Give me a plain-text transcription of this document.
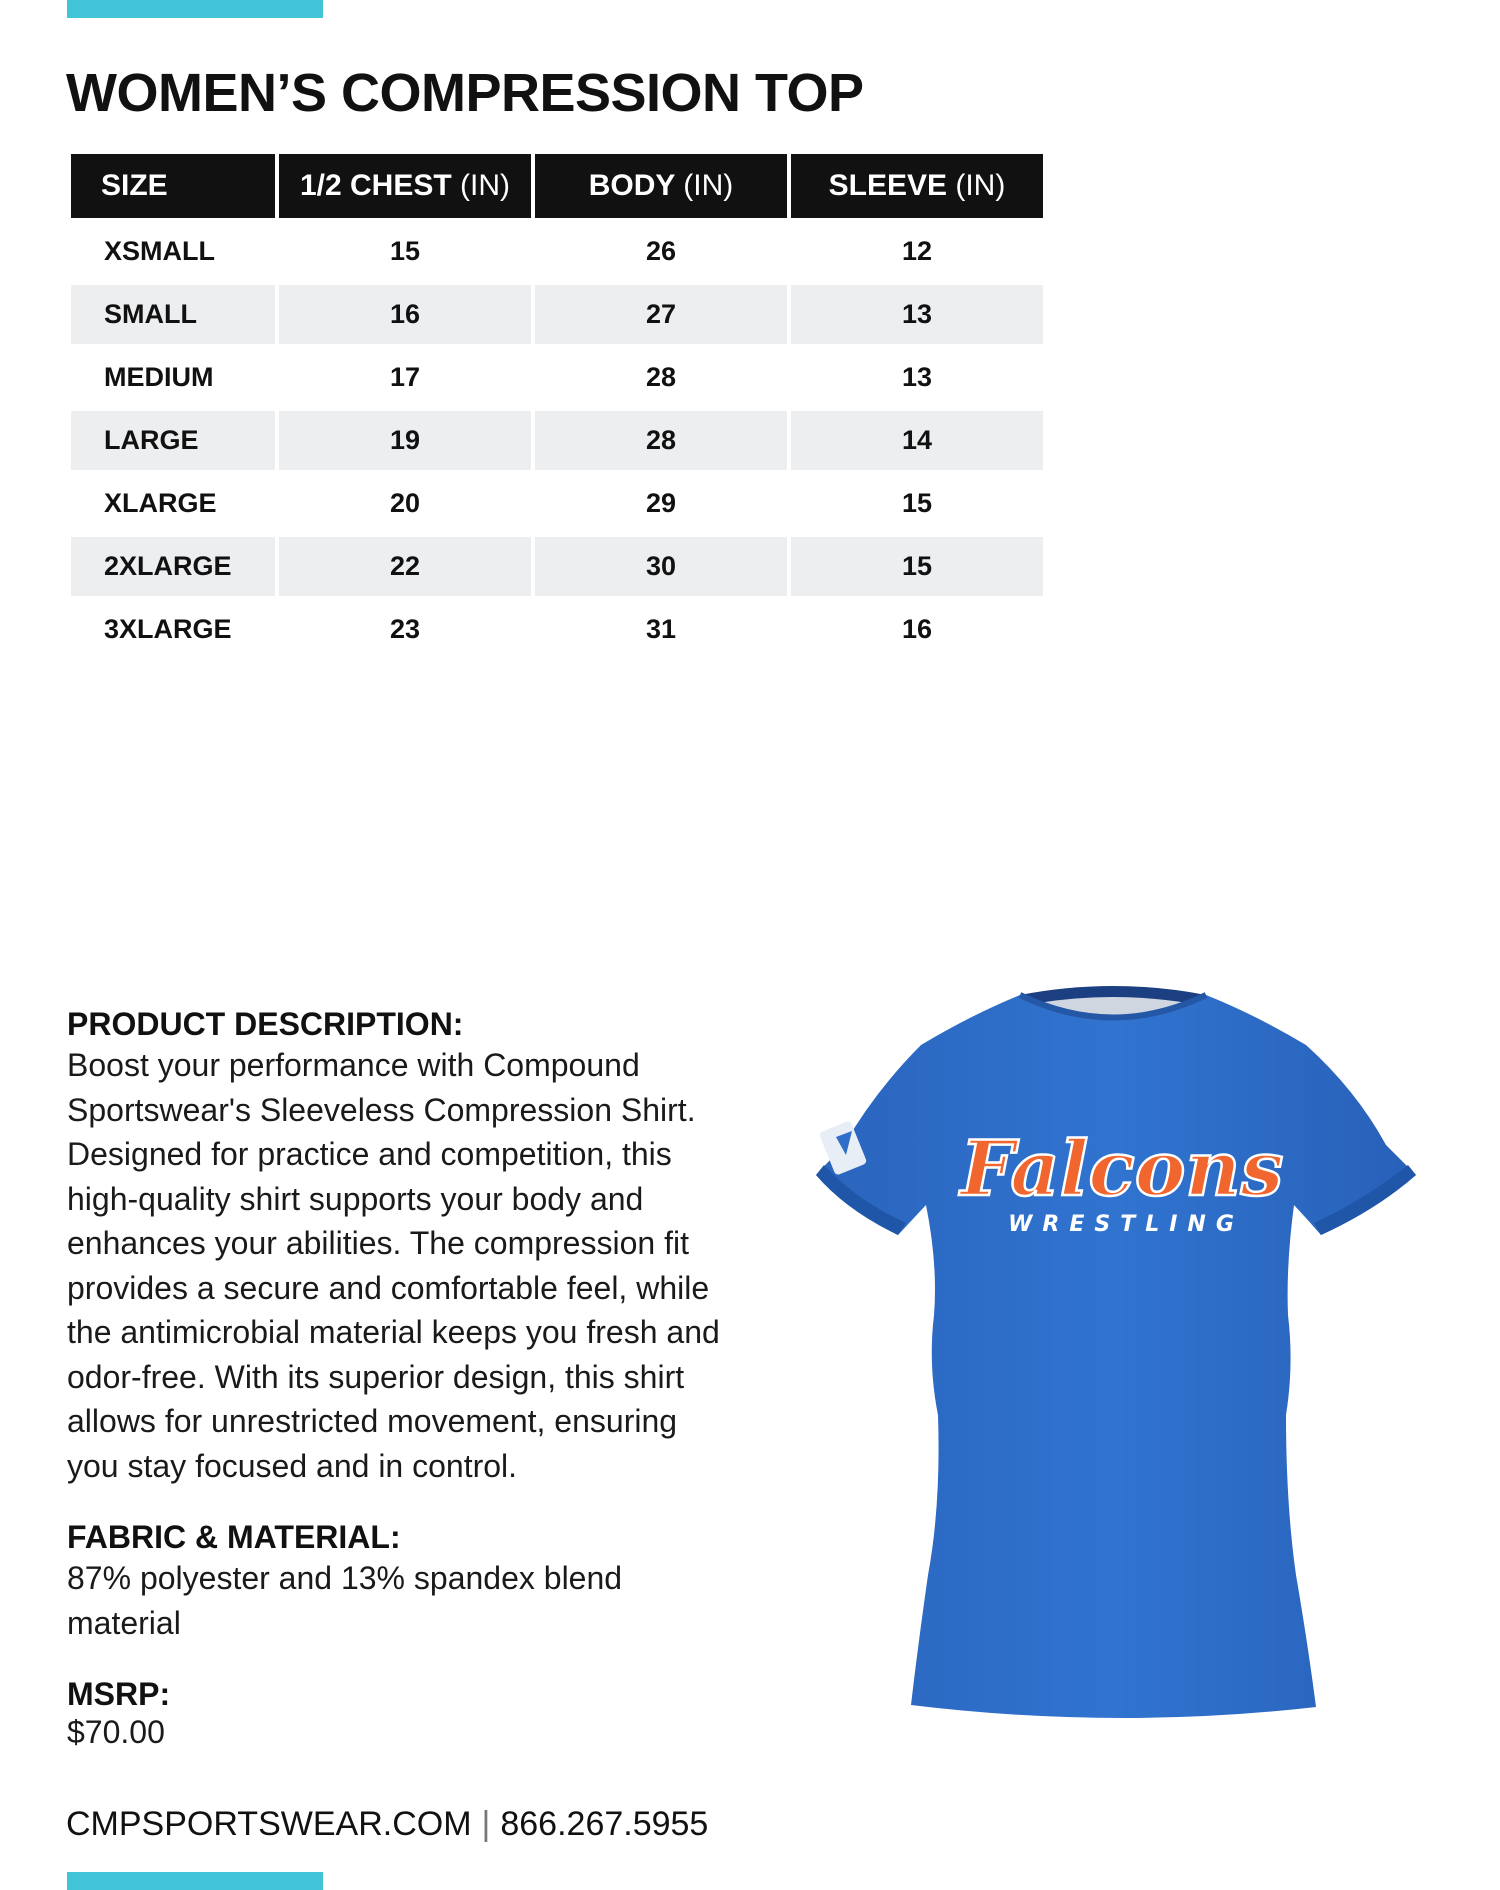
WOMEN’S COMPRESSION TOP
SIZE	1/2 CHEST (IN)	BODY (IN)	SLEEVE (IN)
XSMALL	15	26	12
SMALL	16	27	13
MEDIUM	17	28	13
LARGE	19	28	14
XLARGE	20	29	15
2XLARGE	22	30	15
3XLARGE	23	31	16

PRODUCT DESCRIPTION:

Boost your performance with Compound
Sportswear's Sleeveless Compression Shirt.
Designed for practice and competition, this
high-quality shirt supports your body and
enhances your abilities. The compression fit
provides a secure and comfortable feel, while
the antimicrobial material keeps you fresh and
odor-free. With its superior design, this shirt
allows for unrestricted movement, ensuring
you stay focused and in control.

FABRIC & MATERIAL:

87% polyester and 13% spandex blend
material

MSRP:

$70.00

Falcons
WRESTLING
CMPSPORTSWEAR.COM | 866.267.5955
